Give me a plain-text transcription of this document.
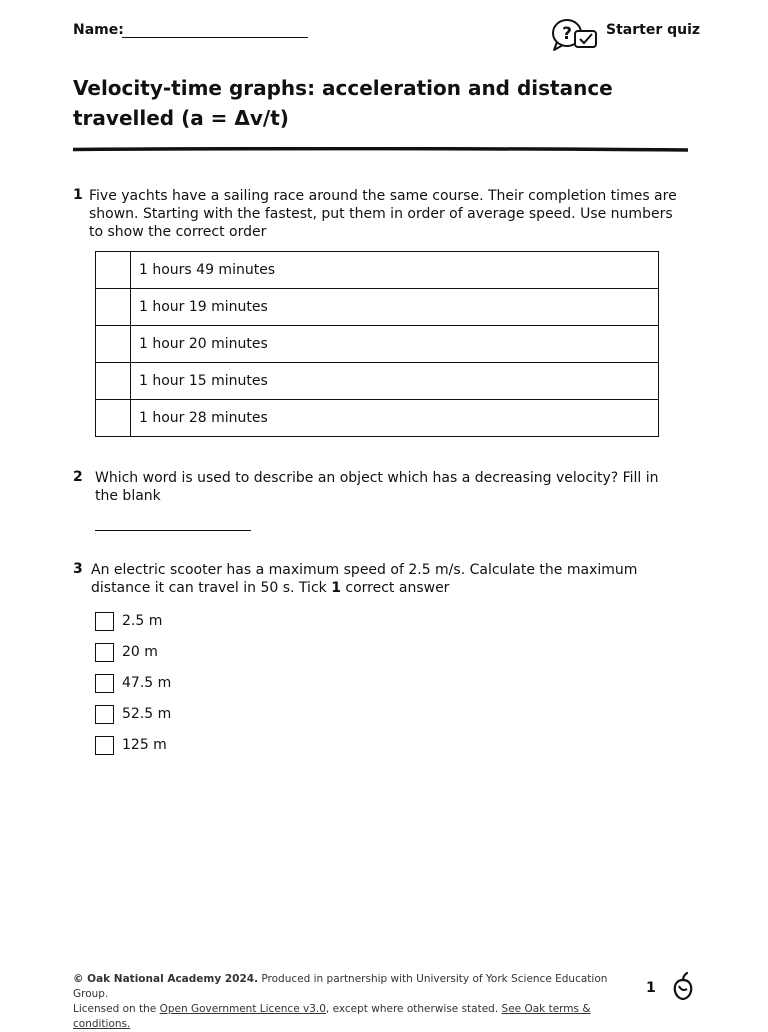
Name:	? Starter quiz
Velocity-time graphs: acceleration and distance travelled (a = Δv/t)
1 Five yachts have a sailing race around the same course. Their completion times are shown. Starting with the fastest, put them in order of average speed. Use numbers to show the correct order
	1 hours 49 minutes
	1 hour 19 minutes
	1 hour 20 minutes
	1 hour 15 minutes
	1 hour 28 minutes
2 Which word is used to describe an object which has a decreasing velocity? Fill in the blank
3 An electric scooter has a maximum speed of 2.5 m/s. Calculate the maximum distance it can travel in 50 s. Tick 1 correct answer
2.5 m
20 m
47.5 m
52.5 m
125 m
© Oak National Academy 2024. Produced in partnership with University of York Science Education Group.
Licensed on the Open Government Licence v3.0, except where otherwise stated. See Oak terms & conditions.
1
